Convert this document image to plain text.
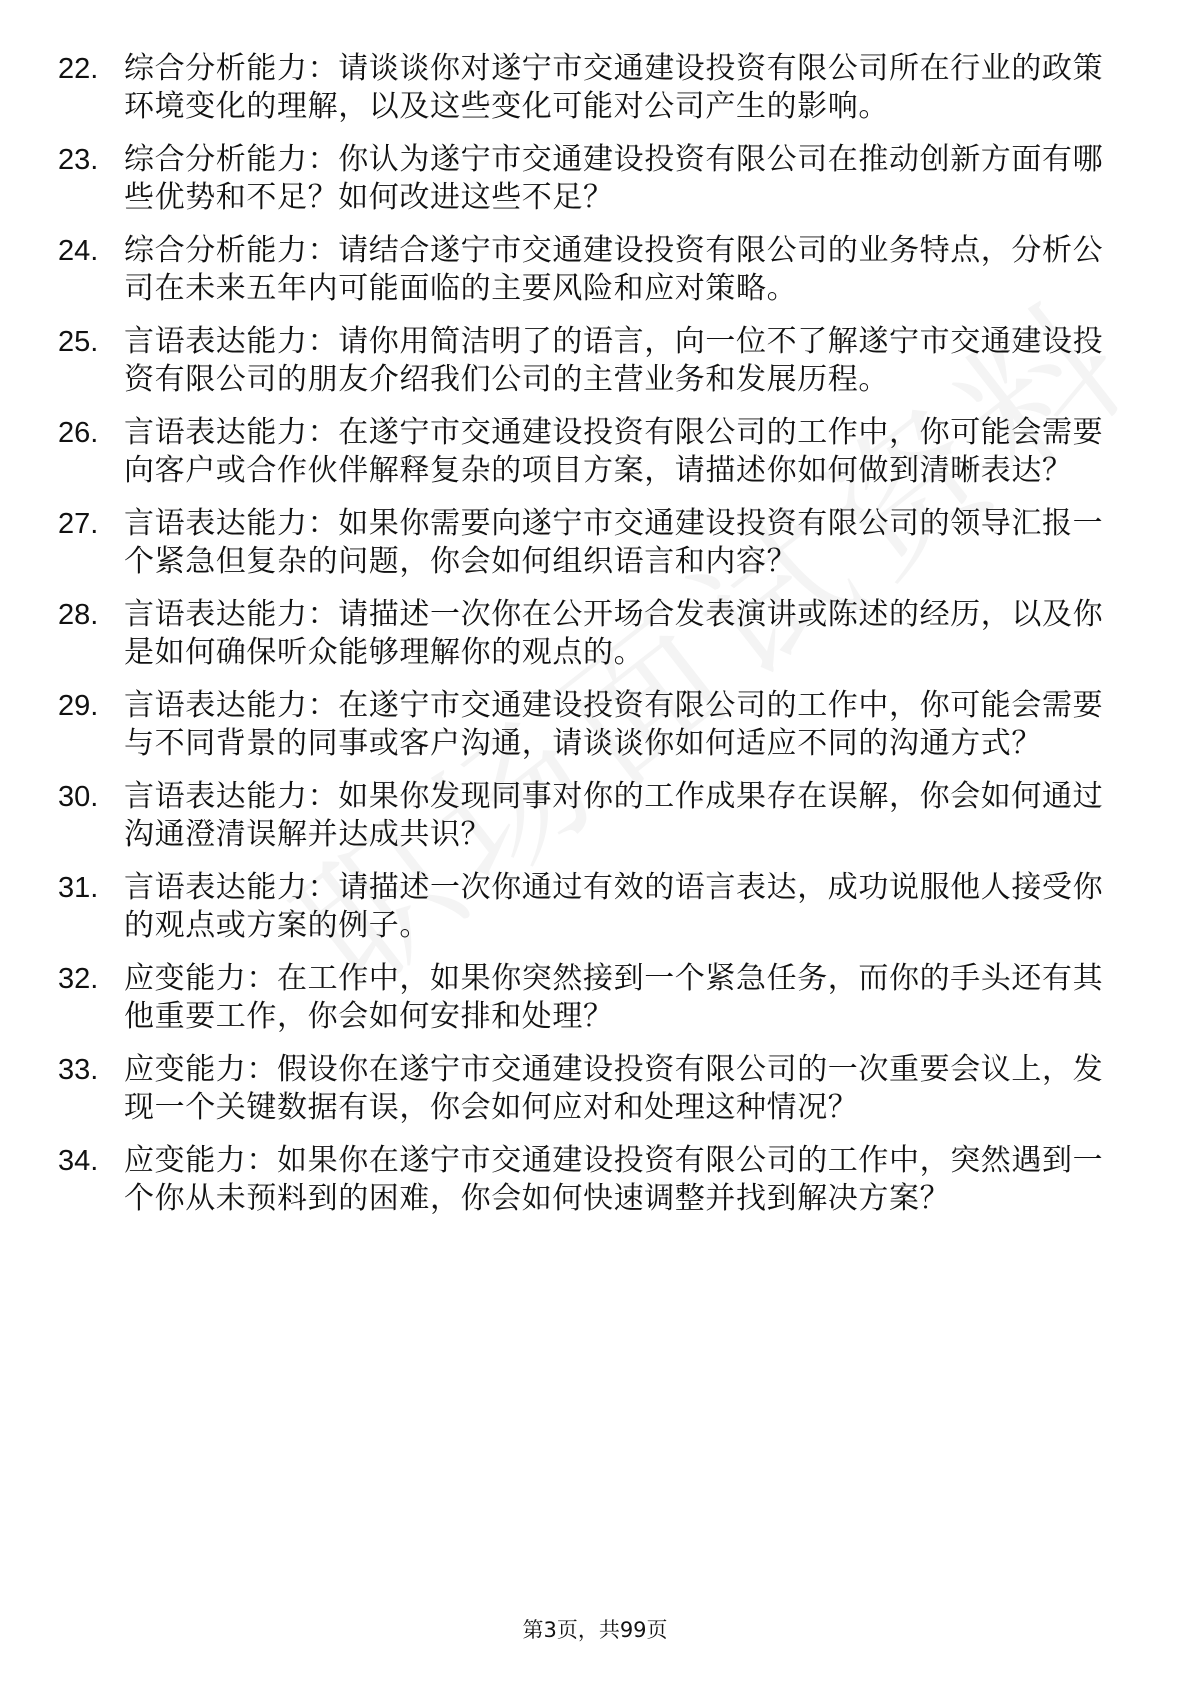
22. 综合分析能力：请谈谈你对遂宁市交通建设投资有限公司所在行业的政策环境变化的理解，以及这些变化可能对公司产生的影响。
23. 综合分析能力：你认为遂宁市交通建设投资有限公司在推动创新方面有哪些优势和不足？如何改进这些不足？
24. 综合分析能力：请结合遂宁市交通建设投资有限公司的业务特点，分析公司在未来五年内可能面临的主要风险和应对策略。
25. 言语表达能力：请你用简洁明了的语言，向一位不了解遂宁市交通建设投资有限公司的朋友介绍我们公司的主营业务和发展历程。
26. 言语表达能力：在遂宁市交通建设投资有限公司的工作中，你可能会需要向客户或合作伙伴解释复杂的项目方案，请描述你如何做到清晰表达？
27. 言语表达能力：如果你需要向遂宁市交通建设投资有限公司的领导汇报一个紧急但复杂的问题，你会如何组织语言和内容？
28. 言语表达能力：请描述一次你在公开场合发表演讲或陈述的经历，以及你是如何确保听众能够理解你的观点的。
29. 言语表达能力：在遂宁市交通建设投资有限公司的工作中，你可能会需要与不同背景的同事或客户沟通，请谈谈你如何适应不同的沟通方式？
30. 言语表达能力：如果你发现同事对你的工作成果存在误解，你会如何通过沟通澄清误解并达成共识？
31. 言语表达能力：请描述一次你通过有效的语言表达，成功说服他人接受你的观点或方案的例子。
32. 应变能力：在工作中，如果你突然接到一个紧急任务，而你的手头还有其他重要工作，你会如何安排和处理？
33. 应变能力：假设你在遂宁市交通建设投资有限公司的一次重要会议上，发现一个关键数据有误，你会如何应对和处理这种情况？
34. 应变能力：如果你在遂宁市交通建设投资有限公司的工作中，突然遇到一个你从未预料到的困难，你会如何快速调整并找到解决方案？
第3页，共99页
